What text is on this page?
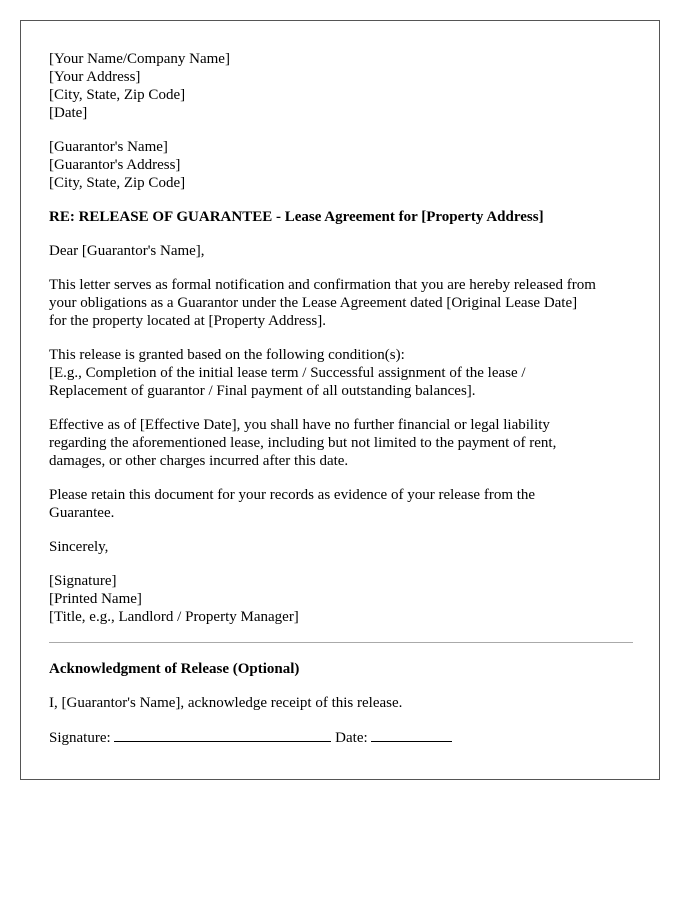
[Your Name/Company Name]
[Your Address]
[City, State, Zip Code]
[Date]
[Guarantor's Name]
[Guarantor's Address]
[City, State, Zip Code]
RE: RELEASE OF GUARANTEE - Lease Agreement for [Property Address]
Dear [Guarantor's Name],
This letter serves as formal notification and confirmation that you are hereby released from
your obligations as a Guarantor under the Lease Agreement dated [Original Lease Date]
for the property located at [Property Address].
This release is granted based on the following condition(s):
[E.g., Completion of the initial lease term / Successful assignment of the lease /
Replacement of guarantor / Final payment of all outstanding balances].
Effective as of [Effective Date], you shall have no further financial or legal liability
regarding the aforementioned lease, including but not limited to the payment of rent,
damages, or other charges incurred after this date.
Please retain this document for your records as evidence of your release from the
Guarantee.
Sincerely,
[Signature]
[Printed Name]
[Title, e.g., Landlord / Property Manager]
Acknowledgment of Release (Optional)
I, [Guarantor's Name], acknowledge receipt of this release.
Signature:	Date:
